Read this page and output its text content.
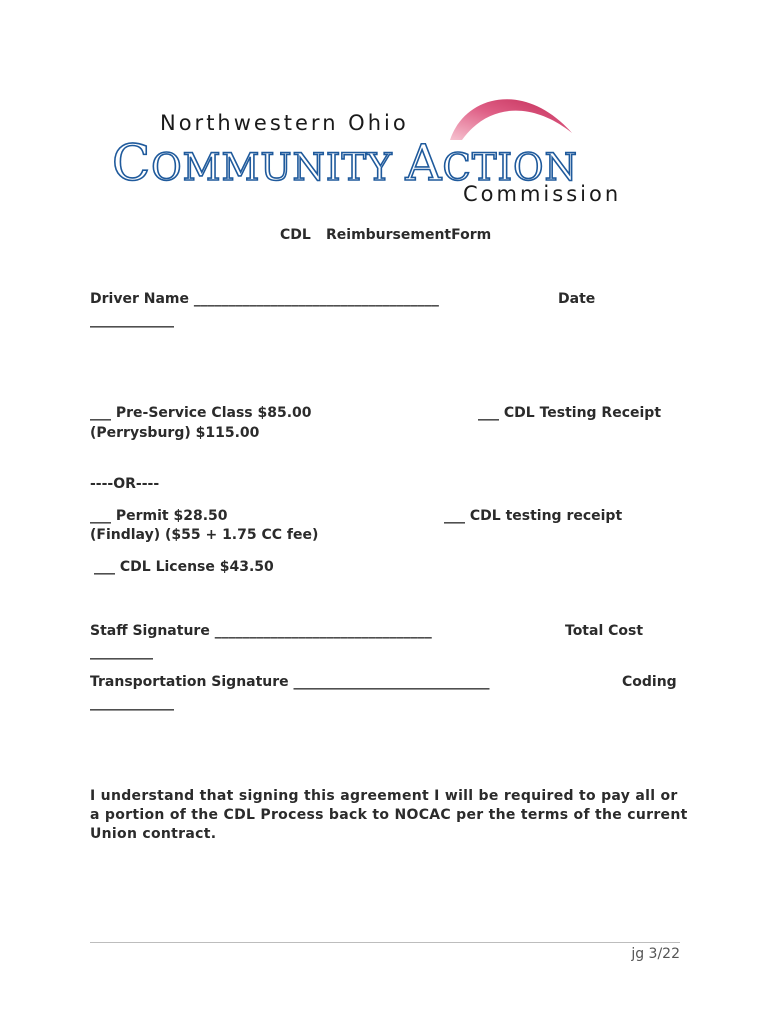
Northwestern Ohio
COMMUNITY ACTION
Commission
CDL ReimbursementForm
Driver Name ___________________________________	Date
____________
___ Pre-Service Class $85.00
(Perrysburg) $115.00
___ CDL Testing Receipt
----OR----
___ Permit $28.50
(Findlay) ($55 + 1.75 CC fee)
___ CDL testing receipt
___ CDL License $43.50
Staff Signature _______________________________	Total Cost
_________
Transportation Signature ____________________________	Coding
____________
I understand that signing this agreement I will be required to pay all or a portion of the CDL Process back to NOCAC per the terms of the current Union contract.
jg 3/22
